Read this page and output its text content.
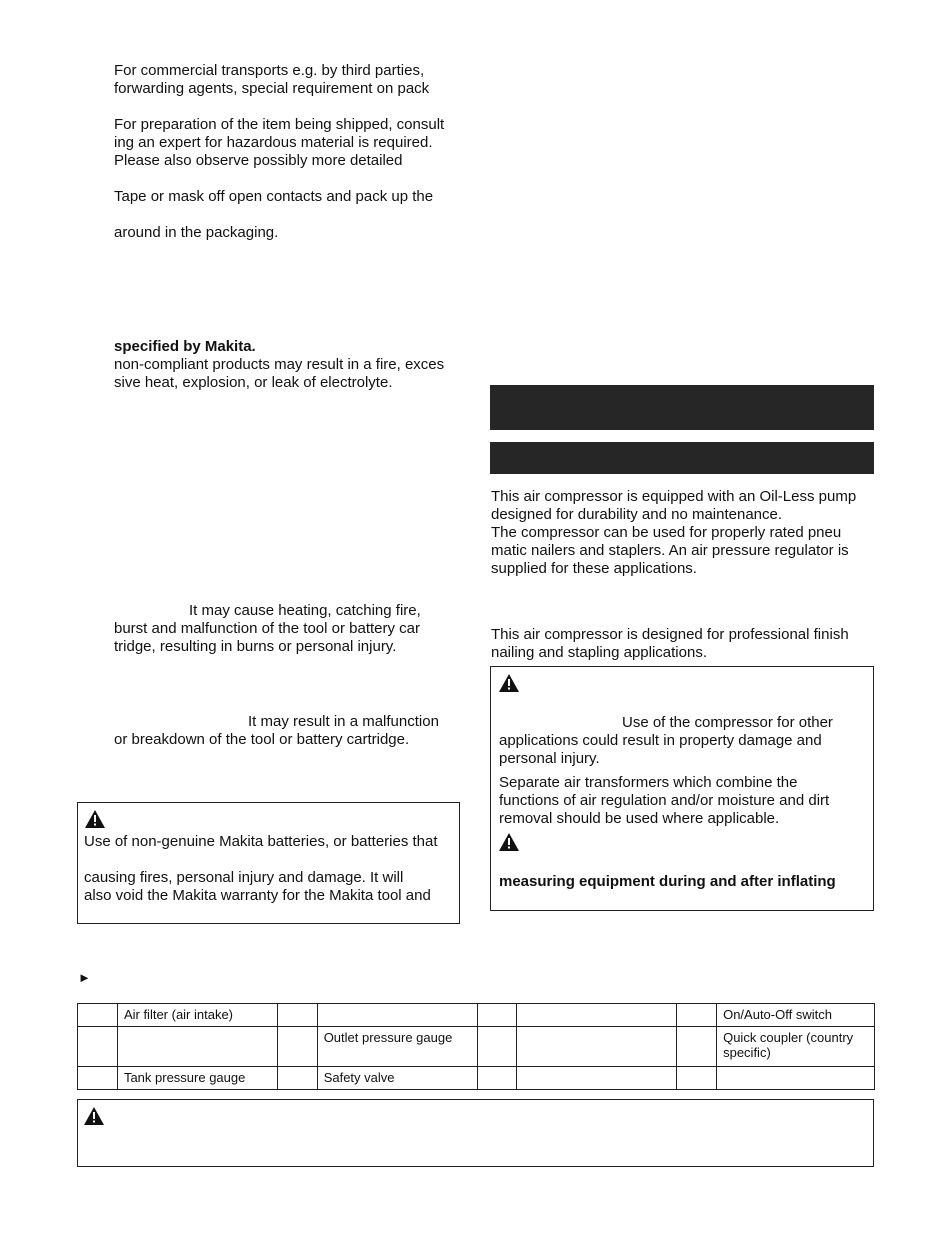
For commercial transports e.g. by third parties,
forwarding agents, special requirement on pack
For preparation of the item being shipped, consult
ing an expert for hazardous material is required.
Please also observe possibly more detailed
Tape or mask off open contacts and pack up the
around in the packaging.
specified by Makita.
non-compliant products may result in a fire, exces
sive heat, explosion, or leak of electrolyte.
It may cause heating, catching fire,
burst and malfunction of the tool or battery car
tridge, resulting in burns or personal injury.
It may result in a malfunction
or breakdown of the tool or battery cartridge.
Use of non-genuine Makita batteries, or batteries that
causing fires, personal injury and damage. It will
also void the Makita warranty for the Makita tool and
This air compressor is equipped with an Oil-Less pump
designed for durability and no maintenance.
The compressor can be used for properly rated pneu
matic nailers and staplers. An air pressure regulator is
supplied for these applications.
This air compressor is designed for professional finish
nailing and stapling applications.
Use of the compressor for other
applications could result in property damage and
personal injury.
Separate air transformers which combine the
functions of air regulation and/or moisture and dirt
removal should be used where applicable.
measuring equipment during and after inflating
►
	Air filter (air intake)						On/Auto-Off switch
			Outlet pressure gauge				Quick coupler (country specific)
	Tank pressure gauge		Safety valve				
